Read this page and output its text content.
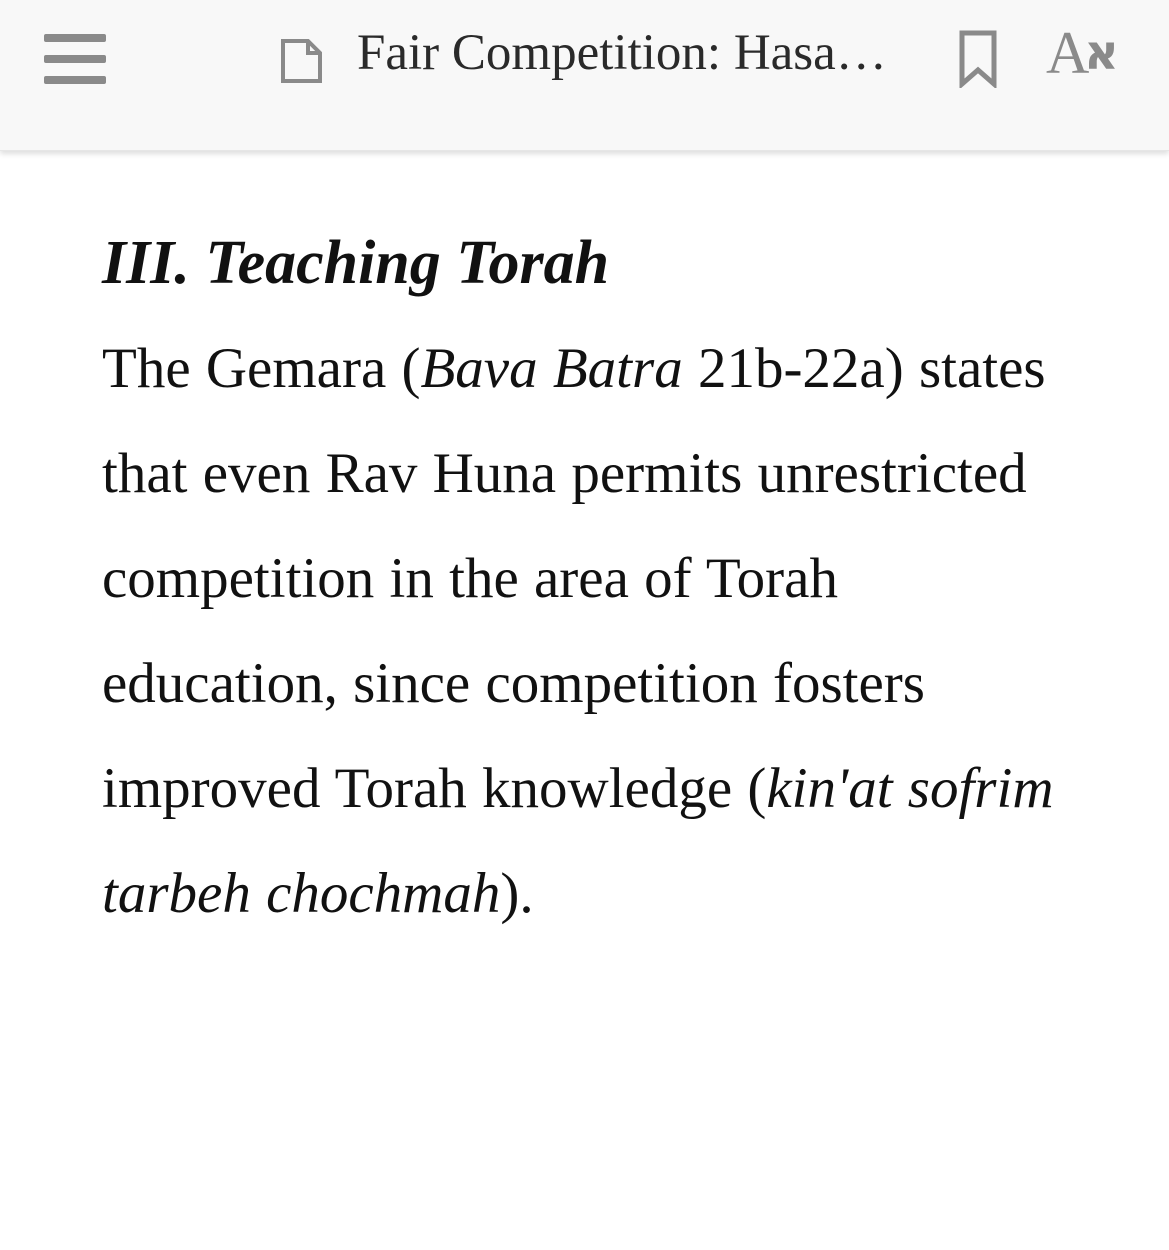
Fair Competition: Hasa…	A
א
III. Teaching Torah

The Gemara (Bava Batra 21b-22a) states that even Rav Huna permits unrestricted competition in the area of Torah education, since competition fosters improved Torah knowledge (kin'at sofrim tarbeh chochmah).
